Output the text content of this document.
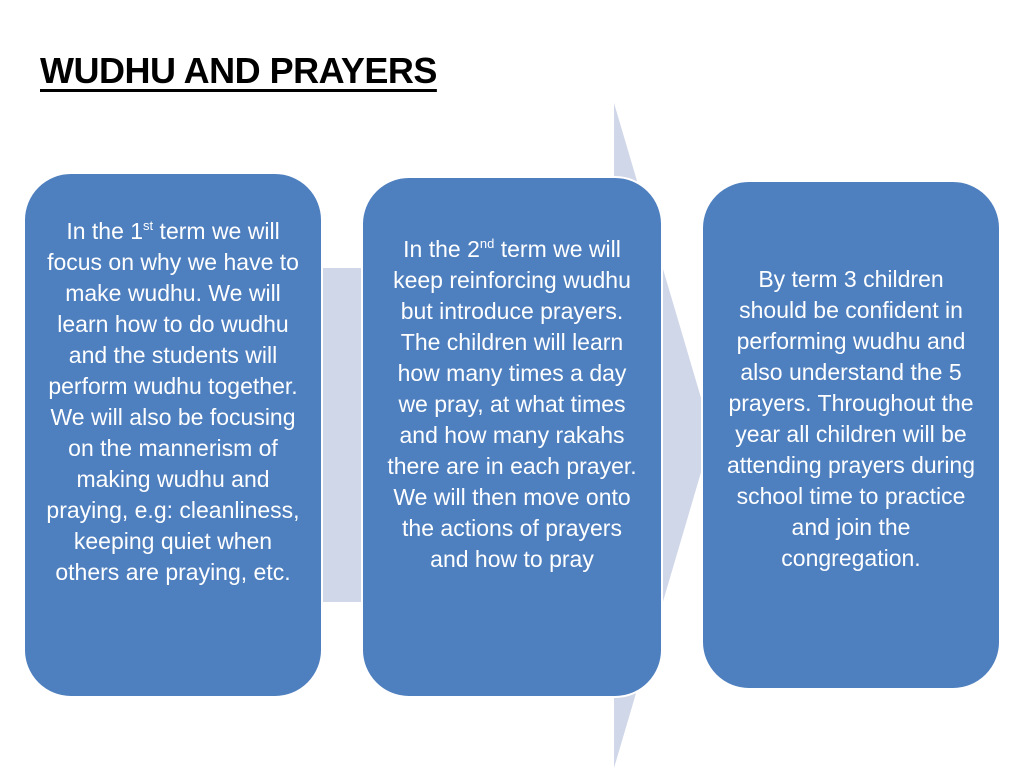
WUDHU AND PRAYERS

In the 1st term we will focus on why we have to make wudhu. We will learn how to do wudhu and the students will perform wudhu together. We will also be focusing on the mannerism of making wudhu and praying, e.g: cleanliness, keeping quiet when others are praying, etc.

In the 2nd term we will keep reinforcing wudhu but introduce prayers. The children will learn how many times a day we pray, at what times and how many rakahs there are in each prayer. We will then move onto the actions of prayers and how to pray

By term 3 children should be confident in performing wudhu and also understand the 5 prayers. Throughout the year all children will be attending prayers during school time to practice and join the congregation.
